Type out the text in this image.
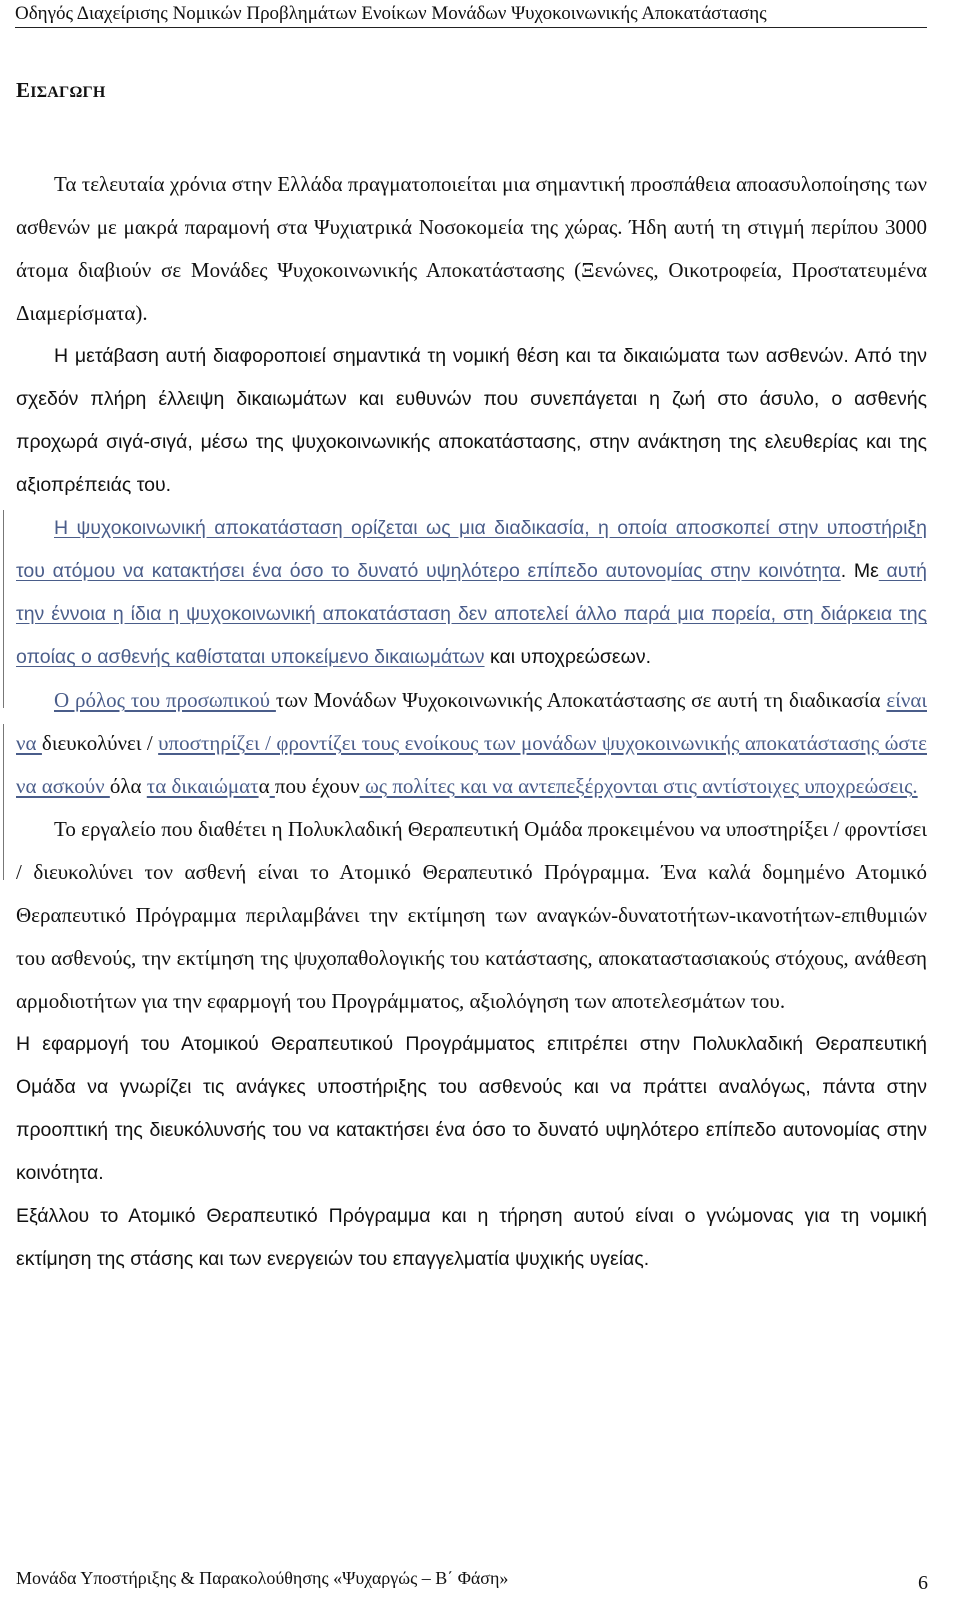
Οδηγός Διαχείρισης Νομικών Προβλημάτων Ενοίκων Μονάδων Ψυχοκοινωνικής Αποκατάστασης
ΕΙΣΑΓΩΓΗ

Τα τελευταία χρόνια στην Ελλάδα πραγματοποιείται μια σημαντική προσπάθεια αποασυλοποίησης των ασθενών με μακρά παραμονή στα Ψυχιατρικά Νοσοκομεία της χώρας. Ήδη αυτή τη στιγμή περίπου 3000 άτομα διαβιούν σε Μονάδες Ψυχοκοινωνικής Αποκατάστασης (Ξενώνες, Οικοτροφεία, Προστατευμένα Διαμερίσματα).

Η μετάβαση αυτή διαφοροποιεί σημαντικά τη νομική θέση και τα δικαιώματα των ασθενών. Από την σχεδόν πλήρη έλλειψη δικαιωμάτων και ευθυνών που συνεπάγεται η ζωή στο άσυλο, ο ασθενής προχωρά σιγά-σιγά, μέσω της ψυχοκοινωνικής αποκατάστασης, στην ανάκτηση της ελευθερίας και της αξιοπρέπειάς του.

Η ψυχοκοινωνική αποκατάσταση ορίζεται ως μια διαδικασία, η οποία αποσκοπεί στην υποστήριξη του ατόμου να κατακτήσει ένα όσο το δυνατό υψηλότερο επίπεδο αυτονομίας στην κοινότητα. Με αυτή την έννοια η ίδια η ψυχοκοινωνική αποκατάσταση δεν αποτελεί άλλο παρά μια πορεία, στη διάρκεια της οποίας ο ασθενής καθίσταται υποκείμενο δικαιωμάτων και υποχρεώσεων.

Ο ρόλος του προσωπικού των Μονάδων Ψυχοκοινωνικής Αποκατάστασης σε αυτή τη διαδικασία είναι να διευκολύνει / υποστηρίζει / φροντίζει τους ενοίκους των μονάδων ψυχοκοινωνικής αποκατάστασης ώστε να ασκούν όλα τα δικαιώματα που έχουν ως πολίτες και να αντεπεξέρχονται στις αντίστοιχες υποχρεώσεις.

Το εργαλείο που διαθέτει η Πολυκλαδική Θεραπευτική Ομάδα προκειμένου να υποστηρίξει / φροντίσει / διευκολύνει τον ασθενή είναι το Ατομικό Θεραπευτικό Πρόγραμμα. Ένα καλά δομημένο Ατομικό Θεραπευτικό Πρόγραμμα περιλαμβάνει την εκτίμηση των αναγκών-δυνατοτήτων-ικανοτήτων-επιθυμιών του ασθενούς, την εκτίμηση της ψυχοπαθολογικής του κατάστασης, αποκαταστασιακούς στόχους, ανάθεση αρμοδιοτήτων για την εφαρμογή του Προγράμματος, αξιολόγηση των αποτελεσμάτων του.

Η εφαρμογή του Ατομικού Θεραπευτικού Προγράμματος επιτρέπει στην Πολυκλαδική Θεραπευτική Ομάδα να γνωρίζει τις ανάγκες υποστήριξης του ασθενούς και να πράττει αναλόγως, πάντα στην προοπτική της διευκόλυνσής του να κατακτήσει ένα όσο το δυνατό υψηλότερο επίπεδο αυτονομίας στην κοινότητα.

Εξάλλου το Ατομικό Θεραπευτικό Πρόγραμμα και η τήρηση αυτού είναι ο γνώμονας για τη νομική εκτίμηση της στάσης και των ενεργειών του επαγγελματία ψυχικής υγείας.

Μονάδα Υποστήριξης & Παρακολούθησης «Ψυχαργώς – Β΄ Φάση»	6
